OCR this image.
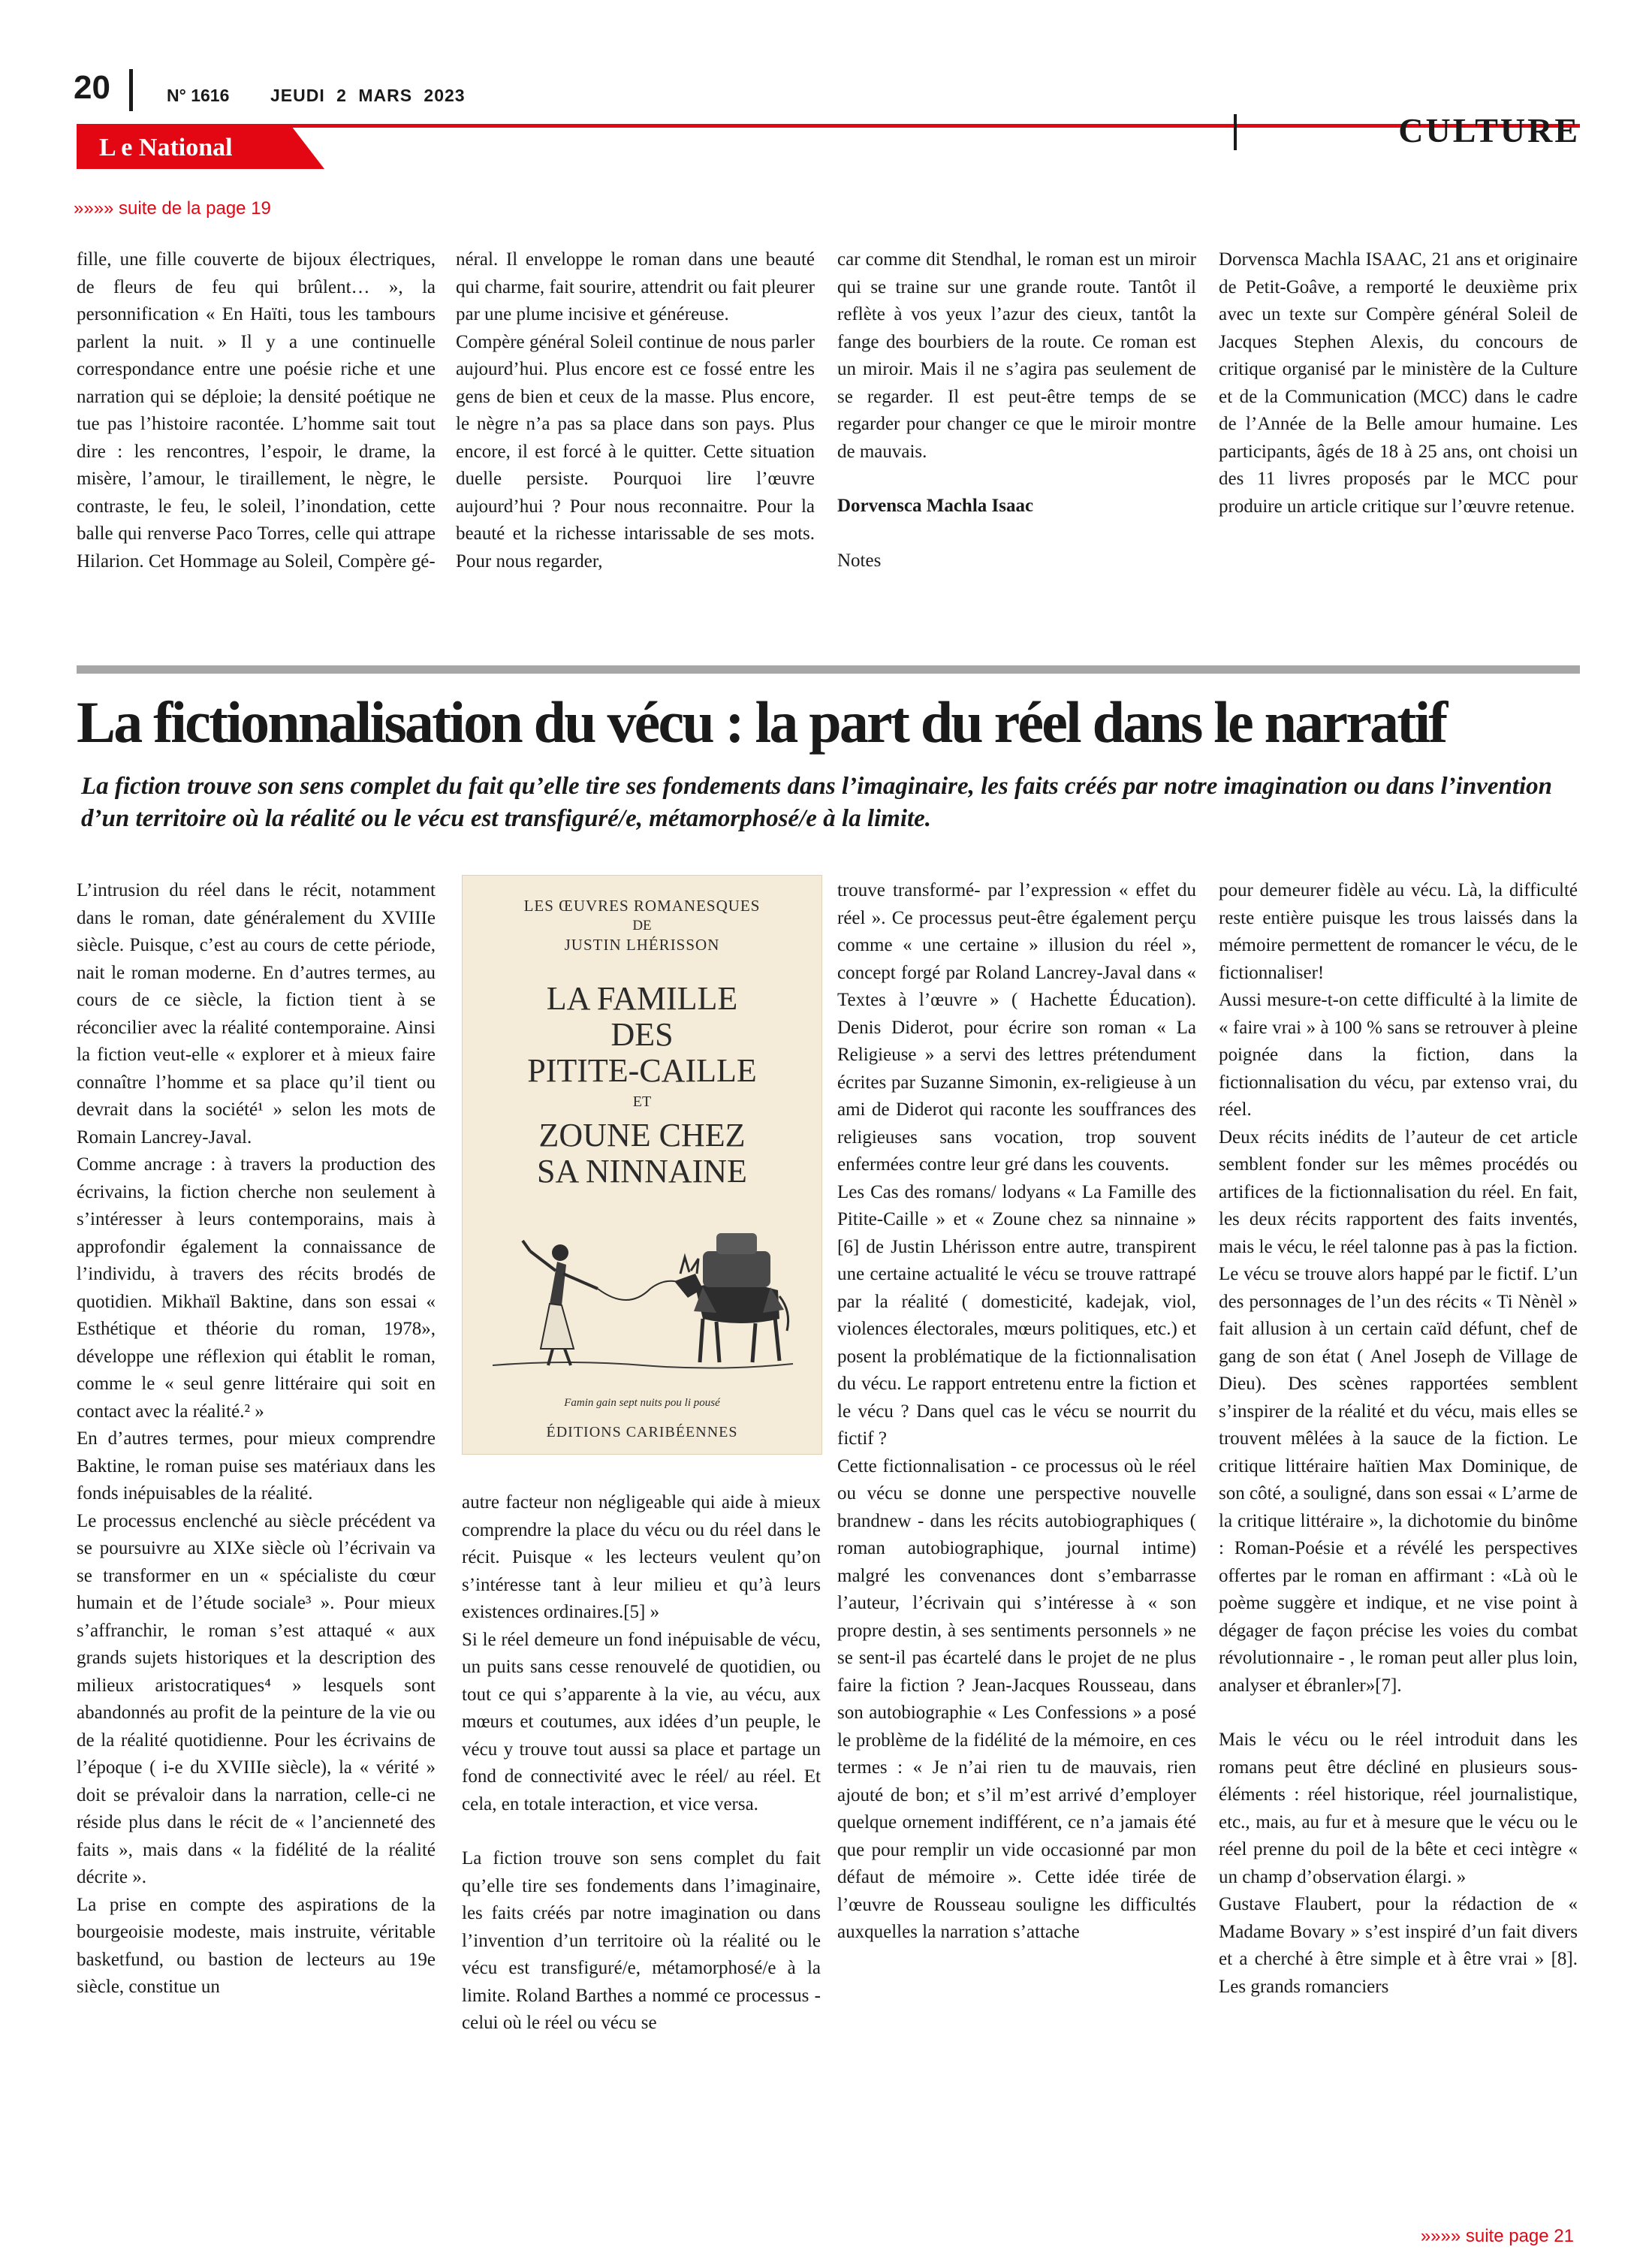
20	N° 1616 JEUDI 2 MARS 2023
L e National	CULTURE
»»»» suite de la page 19

fille, une fille couverte de bijoux électriques, de fleurs de feu qui brûlent… », la personnification « En Haïti, tous les tambours parlent la nuit. » Il y a une continuelle correspondance entre une poésie riche et une narration qui se déploie; la densité poétique ne tue pas l’histoire racontée. L’homme sait tout dire : les rencontres, l’espoir, le drame, la misère, l’amour, le tiraillement, le nègre, le contraste, le feu, le soleil, l’inondation, cette balle qui renverse Paco Torres, celle qui attrape Hilarion. Cet Hommage au Soleil, Compère gé-

néral. Il enveloppe le roman dans une beauté qui charme, fait sourire, attendrit ou fait pleurer par une plume incisive et généreuse.

Compère général Soleil continue de nous parler aujourd’hui. Plus encore est ce fossé entre les gens de bien et ceux de la masse. Plus encore, le nègre n’a pas sa place dans son pays. Plus encore, il est forcé à le quitter. Cette situation duelle persiste. Pourquoi lire l’œuvre aujourd’hui ? Pour nous reconnaitre. Pour la beauté et la richesse intarissable de ses mots. Pour nous regarder,

car comme dit Stendhal, le roman est un miroir qui se traine sur une grande route. Tantôt il reflète à vos yeux l’azur des cieux, tantôt la fange des bourbiers de la route. Ce roman est un miroir. Mais il ne s’agira pas seulement de se regarder. Il est peut-être temps de se regarder pour changer ce que le miroir montre de mauvais.

Dorvensca Machla Isaac

Notes

Dorvensca Machla ISAAC, 21 ans et originaire de Petit-Goâve, a remporté le deuxième prix avec un texte sur Compère général Soleil de Jacques Stephen Alexis, du concours de critique organisé par le ministère de la Culture et de la Communication (MCC) dans le cadre de l’Année de la Belle amour humaine. Les participants, âgés de 18 à 25 ans, ont choisi un des 11 livres proposés par le MCC pour produire un article critique sur l’œuvre retenue.

La fictionnalisation du vécu : la part du réel dans le narratif
La fiction trouve son sens complet du fait qu’elle tire ses fondements dans l’imaginaire, les faits créés par notre imagination ou dans l’invention d’un territoire où la réalité ou le vécu est transfiguré/e, métamorphosé/e à la limite.

L’intrusion du réel dans le récit, notamment dans le roman, date généralement du XVIIIe siècle. Puisque, c’est au cours de cette période, nait le roman moderne. En d’autres termes, au cours de ce siècle, la fiction tient à se réconcilier avec la réalité contemporaine. Ainsi la fiction veut-elle « explorer et à mieux faire connaître l’homme et sa place qu’il tient ou devrait dans la société¹ » selon les mots de Romain Lancrey-Javal.

Comme ancrage : à travers la production des écrivains, la fiction cherche non seulement à s’intéresser à leurs contemporains, mais à approfondir également la connaissance de l’individu, à travers des récits brodés de quotidien. Mikhaïl Baktine, dans son essai « Esthétique et théorie du roman, 1978», développe une réflexion qui établit le roman, comme le « seul genre littéraire qui soit en contact avec la réalité.² »

En d’autres termes, pour mieux comprendre Baktine, le roman puise ses matériaux dans les fonds inépuisables de la réalité.

Le processus enclenché au siècle précédent va se poursuivre au XIXe siècle où l’écrivain va se transformer en un « spécialiste du cœur humain et de l’étude sociale³ ». Pour mieux s’affranchir, le roman s’est attaqué « aux grands sujets historiques et la description des milieux aristocratiques⁴ » lesquels sont abandonnés au profit de la peinture de la vie ou de la réalité quotidienne. Pour les écrivains de l’époque ( i-e du XVIIIe siècle), la « vérité » doit se prévaloir dans la narration, celle-ci ne réside plus dans le récit de « l’ancienneté des faits », mais dans « la fidélité de la réalité décrite ».

La prise en compte des aspirations de la bourgeoisie modeste, mais instruite, véritable basketfund, ou bastion de lecteurs au 19e siècle, constitue un

LES ŒUVRES ROMANESQUES
DE
JUSTIN LHÉRISSON
LA FAMILLE
DES
PITITE-CAILLE
ET
ZOUNE CHEZ
SA NINNAINE
Famin gain sept nuits pou li pousé
ÉDITIONS CARIBÉENNES

autre facteur non négligeable qui aide à mieux comprendre la place du vécu ou du réel dans le récit. Puisque « les lecteurs veulent qu’on s’intéresse tant à leur milieu et qu’à leurs existences ordinaires.[5] »

Si le réel demeure un fond inépuisable de vécu, un puits sans cesse renouvelé de quotidien, ou tout ce qui s’apparente à la vie, au vécu, aux mœurs et coutumes, aux idées d’un peuple, le vécu y trouve tout aussi sa place et partage un fond de connectivité avec le réel/ au réel. Et cela, en totale interaction, et vice versa.

La fiction trouve son sens complet du fait qu’elle tire ses fondements dans l’imaginaire, les faits créés par notre imagination ou dans l’invention d’un territoire où la réalité ou le vécu est transfiguré/e, métamorphosé/e à la limite. Roland Barthes a nommé ce processus - celui où le réel ou vécu se

trouve transformé- par l’expression « effet du réel ». Ce processus peut-être également perçu comme « une certaine » illusion du réel », concept forgé par Roland Lancrey-Javal dans « Textes à l’œuvre » ( Hachette Éducation). Denis Diderot, pour écrire son roman « La Religieuse » a servi des lettres prétendument écrites par Suzanne Simonin, ex-religieuse à un ami de Diderot qui raconte les souffrances des religieuses sans vocation, trop souvent enfermées contre leur gré dans les couvents.

Les Cas des romans/ lodyans « La Famille des Pitite-Caille » et « Zoune chez sa ninnaine » [6] de Justin Lhérisson entre autre, transpirent une certaine actualité le vécu se trouve rattrapé par la réalité ( domesticité, kadejak, viol, violences électorales, mœurs politiques, etc.) et posent la problématique de la fictionnalisation du vécu. Le rapport entretenu entre la fiction et le vécu ? Dans quel cas le vécu se nourrit du fictif ?

Cette fictionnalisation - ce processus où le réel ou vécu se donne une perspective nouvelle brandnew - dans les récits autobiographiques ( roman autobiographique, journal intime) malgré les convenances dont s’embarrasse l’auteur, l’écrivain qui s’intéresse à « son propre destin, à ses sentiments personnels » ne se sent-il pas écartelé dans le projet de ne plus faire la fiction ? Jean-Jacques Rousseau, dans son autobiographie « Les Confessions » a posé le problème de la fidélité de la mémoire, en ces termes : « Je n’ai rien tu de mauvais, rien ajouté de bon; et s’il m’est arrivé d’employer quelque ornement indifférent, ce n’a jamais été que pour remplir un vide occasionné par mon défaut de mémoire ». Cette idée tirée de l’œuvre de Rousseau souligne les difficultés auxquelles la narration s’attache

pour demeurer fidèle au vécu. Là, la difficulté reste entière puisque les trous laissés dans la mémoire permettent de romancer le vécu, de le fictionnaliser!

Aussi mesure-t-on cette difficulté à la limite de « faire vrai » à 100 % sans se retrouver à pleine poignée dans la fiction, dans la fictionnalisation du vécu, par extenso vrai, du réel.

Deux récits inédits de l’auteur de cet article semblent fonder sur les mêmes procédés ou artifices de la fictionnalisation du réel. En fait, les deux récits rapportent des faits inventés, mais le vécu, le réel talonne pas à pas la fiction. Le vécu se trouve alors happé par le fictif. L’un des personnages de l’un des récits « Ti Nènèl » fait allusion à un certain caïd défunt, chef de gang de son état ( Anel Joseph de Village de Dieu). Des scènes rapportées semblent s’inspirer de la réalité et du vécu, mais elles se trouvent mêlées à la sauce de la fiction. Le critique littéraire haïtien Max Dominique, de son côté, a souligné, dans son essai « L’arme de la critique littéraire », la dichotomie du binôme : Roman-Poésie et a révélé les perspectives offertes par le roman en affirmant : «Là où le poème suggère et indique, et ne vise point à dégager de façon précise les voies du combat révolutionnaire - , le roman peut aller plus loin, analyser et ébranler»[7].

Mais le vécu ou le réel introduit dans les romans peut être décliné en plusieurs sous-éléments : réel historique, réel journalistique, etc., mais, au fur et à mesure que le vécu ou le réel prenne du poil de la bête et ceci intègre « un champ d’observation élargi. »

Gustave Flaubert, pour la rédaction de « Madame Bovary » s’est inspiré d’un fait divers et a cherché à être simple et à être vrai » [8]. Les grands romanciers

»»»» suite page 21
